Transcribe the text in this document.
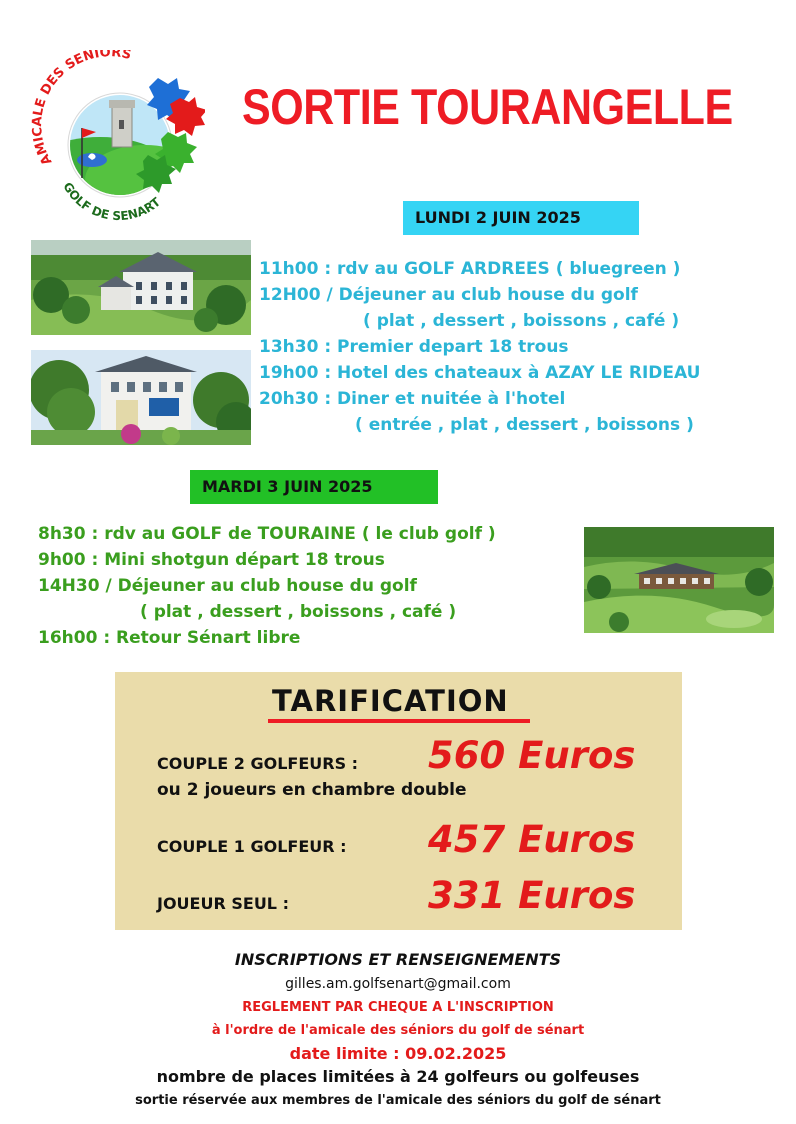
AMICALE DES SENIORS
GOLF DE SENART
SORTIE TOURANGELLE
LUNDI 2 JUIN 2025
11h00 : rdv au GOLF ARDREES ( bluegreen )
12H00 / Déjeuner au club house du golf
( plat , dessert , boissons , café )
13h30 : Premier depart 18 trous
19h00 : Hotel des chateaux à AZAY LE RIDEAU
20h30 : Diner et nuitée à l'hotel
( entrée , plat , dessert , boissons )
MARDI 3 JUIN 2025
8h30 : rdv au GOLF de TOURAINE ( le club golf )
9h00 : Mini shotgun départ 18 trous
14H30 / Déjeuner au club house du golf
( plat , dessert , boissons , café )
16h00 : Retour Sénart libre
TARIFICATION
COUPLE 2 GOLFEURS : 560 Euros
ou 2 joueurs en chambre double
COUPLE 1 GOLFEUR : 457 Euros
JOUEUR SEUL :	331 Euros
INSCRIPTIONS ET RENSEIGNEMENTS
gilles.am.golfsenart@gmail.com
REGLEMENT PAR CHEQUE A L'INSCRIPTION
à l'ordre de l'amicale des séniors du golf de sénart
date limite : 09.02.2025
nombre de places limitées à 24 golfeurs ou golfeuses
sortie réservée aux membres de l'amicale des séniors du golf de sénart
